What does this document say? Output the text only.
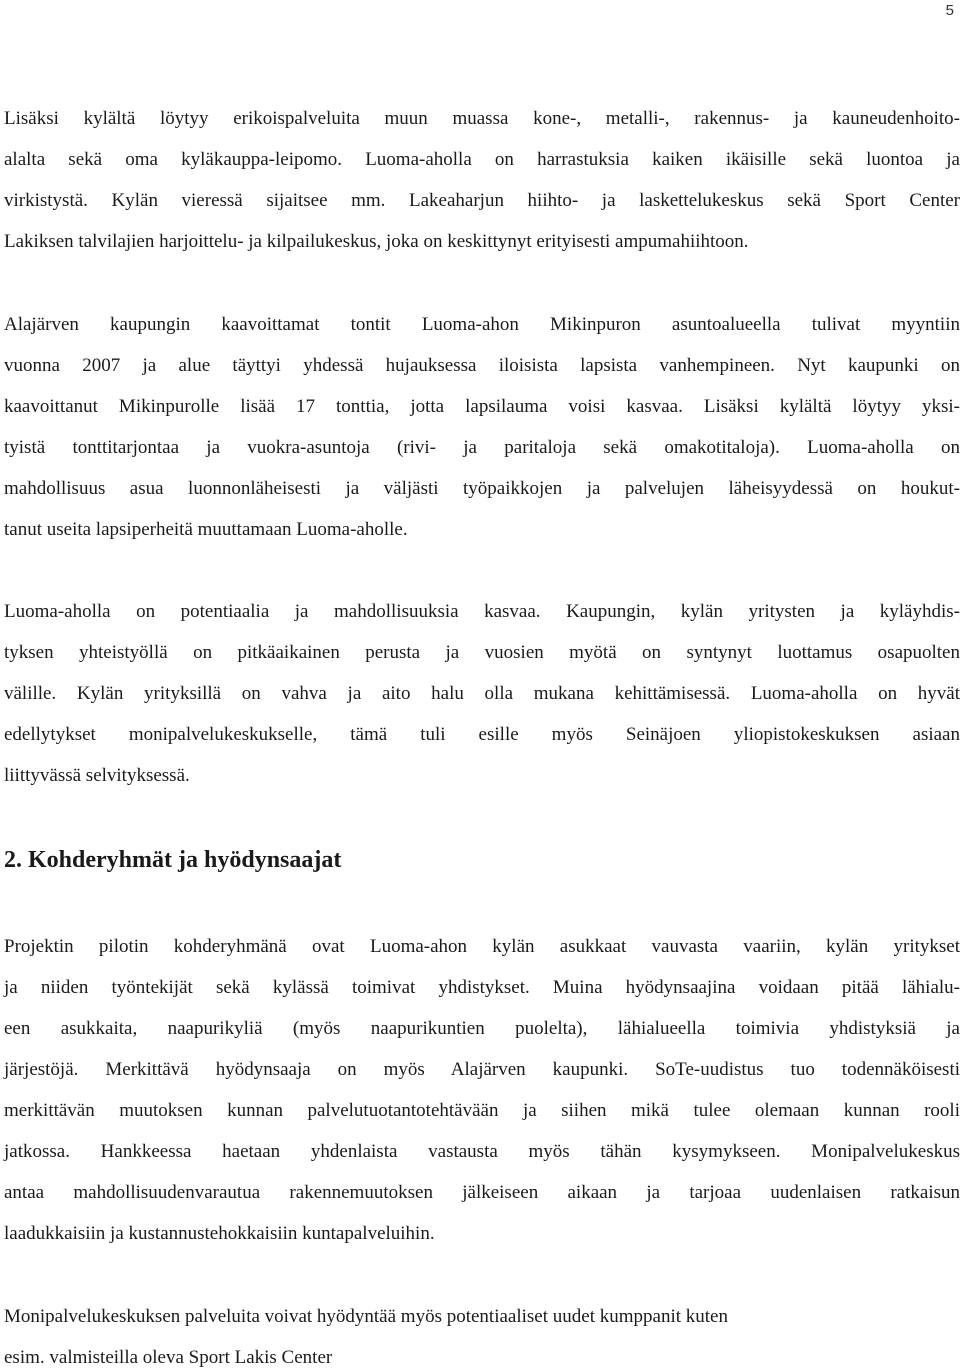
5
Lisäksi kylältä löytyy erikoispalveluita muun muassa kone-, metalli-, rakennus- ja kauneudenhoito-
alalta sekä oma kyläkauppa-leipomo. Luoma-aholla on harrastuksia kaiken ikäisille sekä luontoa ja
virkistystä. Kylän vieressä sijaitsee mm. Lakeaharjun hiihto- ja laskettelukeskus sekä Sport Center
Lakiksen talvilajien harjoittelu- ja kilpailukeskus, joka on keskittynyt erityisesti ampumahiihtoon.
Alajärven kaupungin kaavoittamat tontit Luoma-ahon Mikinpuron asuntoalueella tulivat myyntiin
vuonna 2007 ja alue täyttyi yhdessä hujauksessa iloisista lapsista vanhempineen. Nyt kaupunki on
kaavoittanut Mikinpurolle lisää 17 tonttia, jotta lapsilauma voisi kasvaa. Lisäksi kylältä löytyy yksi-
tyistä tonttitarjontaa ja vuokra-asuntoja (rivi- ja paritaloja sekä omakotitaloja). Luoma-aholla on
mahdollisuus asua luonnonläheisesti ja väljästi työpaikkojen ja palvelujen läheisyydessä on houkut-
tanut useita lapsiperheitä muuttamaan Luoma-aholle.
Luoma-aholla on potentiaalia ja mahdollisuuksia kasvaa. Kaupungin, kylän yritysten ja kyläyhdis-
tyksen yhteistyöllä on pitkäaikainen perusta ja vuosien myötä on syntynyt luottamus osapuolten
välille. Kylän yrityksillä on vahva ja aito halu olla mukana kehittämisessä. Luoma-aholla on hyvät
edellytykset monipalvelukeskukselle, tämä tuli esille myös Seinäjoen yliopistokeskuksen asiaan
liittyvässä selvityksessä.
2. Kohderyhmät ja hyödynsaajat
Projektin pilotin kohderyhmänä ovat Luoma-ahon kylän asukkaat vauvasta vaariin, kylän yritykset
ja niiden työntekijät sekä kylässä toimivat yhdistykset. Muina hyödynsaajina voidaan pitää lähialu-
een asukkaita, naapurikyliä (myös naapurikuntien puolelta), lähialueella toimivia yhdistyksiä ja
järjestöjä. Merkittävä hyödynsaaja on myös Alajärven kaupunki. SoTe-uudistus tuo todennäköisesti
merkittävän muutoksen kunnan palvelutuotantotehtävään ja siihen mikä tulee olemaan kunnan rooli
jatkossa. Hankkeessa haetaan yhdenlaista vastausta myös tähän kysymykseen. Monipalvelukeskus
antaa mahdollisuudenvarautua rakennemuutoksen jälkeiseen aikaan ja tarjoaa uudenlaisen ratkaisun
laadukkaisiin ja kustannustehokkaisiin kuntapalveluihin.
Monipalvelukeskuksen palveluita voivat hyödyntää myös potentiaaliset uudet kumppanit kuten
esim. valmisteilla oleva Sport Lakis Center
